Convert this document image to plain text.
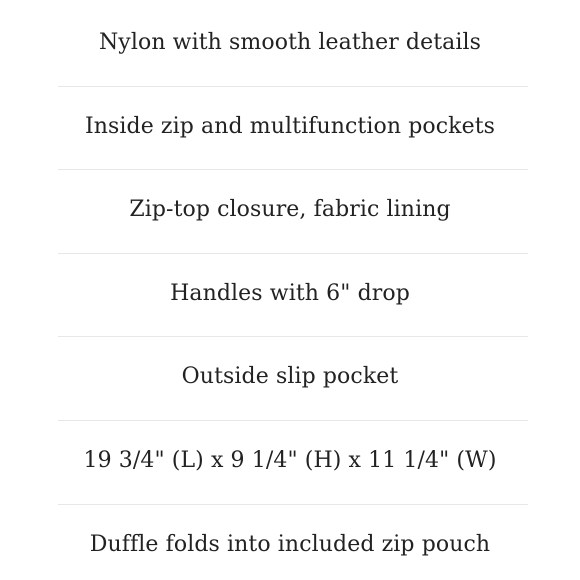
Nylon with smooth leather details
Inside zip and multifunction pockets
Zip-top closure, fabric lining
Handles with 6" drop
Outside slip pocket
19 3/4" (L) x 9 1/4" (H) x 11 1/4" (W)
Duffle folds into included zip pouch
